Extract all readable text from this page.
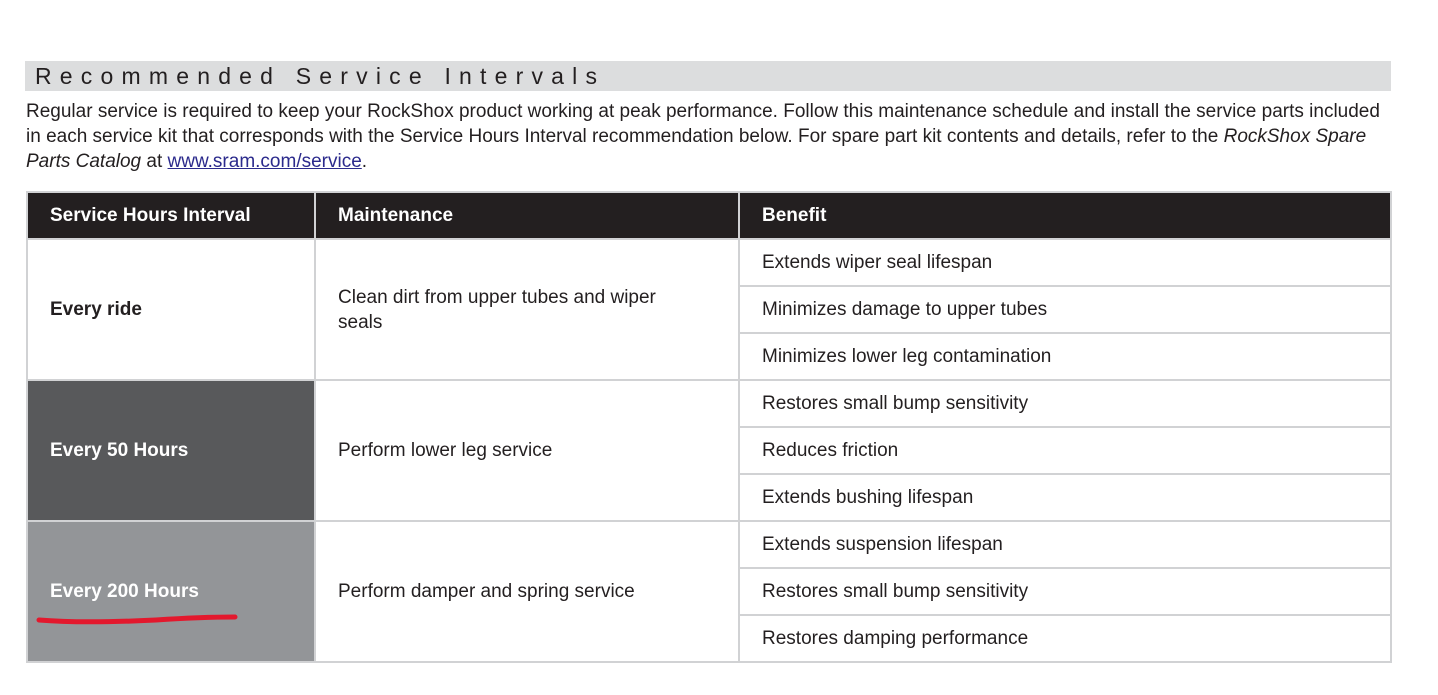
Recommended Service Intervals

Regular service is required to keep your RockShox product working at peak performance. Follow this maintenance schedule and install the service parts included in each service kit that corresponds with the Service Hours Interval recommendation below. For spare part kit contents and details, refer to the RockShox Spare Parts Catalog at www.sram.com/service.

Service Hours Interval	Maintenance	Benefit
Every ride	Clean dirt from upper tubes and wiper seals	Extends wiper seal lifespan
		Minimizes damage to upper tubes
		Minimizes lower leg contamination
Every 50 Hours	Perform lower leg service	Restores small bump sensitivity
		Reduces friction
		Extends bushing lifespan
Every 200 Hours	Perform damper and spring service	Extends suspension lifespan
		Restores small bump sensitivity
		Restores damping performance
